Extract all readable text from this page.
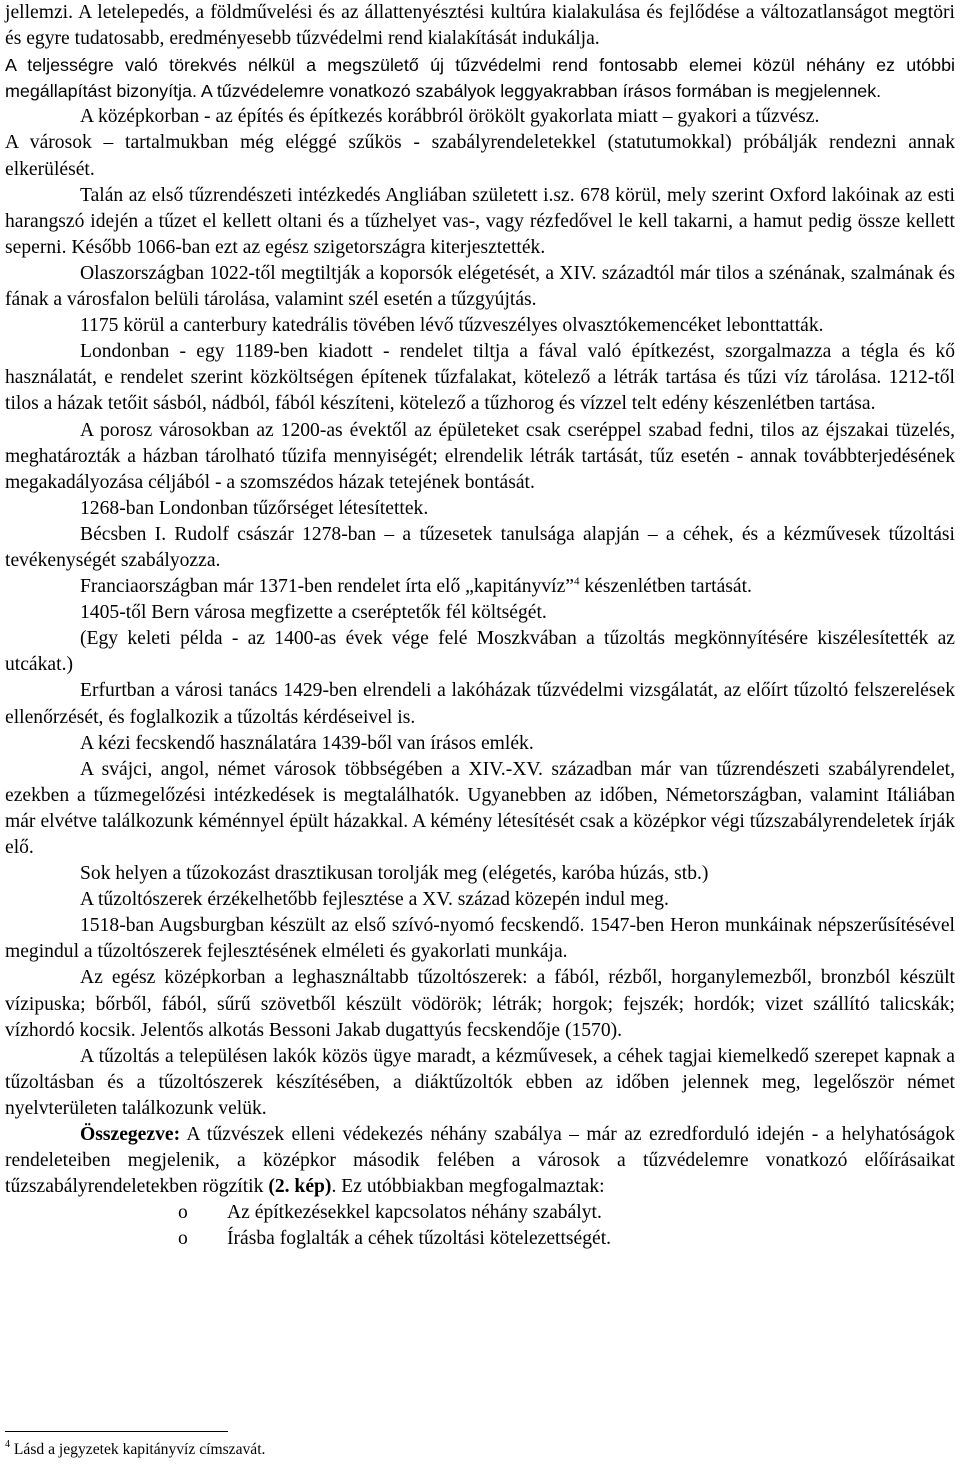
jellemzi. A letelepedés, a földművelési és az állattenyésztési kultúra kialakulása és fejlődése a változatlanságot megtöri és egyre tudatosabb, eredményesebb tűzvédelmi rend kialakítását indukálja.

A teljességre való törekvés nélkül a megszülető új tűzvédelmi rend fontosabb elemei közül néhány ez utóbbi megállapítást bizonyítja. A tűzvédelemre vonatkozó szabályok leggyakrabban írásos formában is megjelennek.

A középkorban - az építés és építkezés korábbról örökölt gyakorlata miatt – gyakori a tűzvész.

A városok – tartalmukban még eléggé szűkös - szabályrendeletekkel (statutumokkal) próbálják rendezni annak elkerülését.

Talán az első tűzrendészeti intézkedés Angliában született i.sz. 678 körül, mely szerint Oxford lakóinak az esti harangszó idején a tűzet el kellett oltani és a tűzhelyet vas-, vagy rézfedővel le kell takarni, a hamut pedig össze kellett seperni. Később 1066-ban ezt az egész szigetországra kiterjesztették.

Olaszországban 1022-től megtiltják a koporsók elégetését, a XIV. századtól már tilos a szénának, szalmának és fának a városfalon belüli tárolása, valamint szél esetén a tűzgyújtás.

1175 körül a canterbury katedrális tövében lévő tűzveszélyes olvasztókemencéket lebonttatták.

Londonban - egy 1189-ben kiadott - rendelet tiltja a fával való építkezést, szorgalmazza a tégla és kő használatát, e rendelet szerint közköltségen építenek tűzfalakat, kötelező a létrák tartása és tűzi víz tárolása. 1212-től tilos a házak tetőit sásból, nádból, fából készíteni, kötelező a tűzhorog és vízzel telt edény készenlétben tartása.

A porosz városokban az 1200-as évektől az épületeket csak cseréppel szabad fedni, tilos az éjszakai tüzelés, meghatározták a házban tárolható tűzifa mennyiségét; elrendelik létrák tartását, tűz esetén - annak továbbterjedésének megakadályozása céljából - a szomszédos házak tetejének bontását.

1268-ban Londonban tűzőrséget létesítettek.

Bécsben I. Rudolf császár 1278-ban – a tűzesetek tanulsága alapján – a céhek, és a kézművesek tűzoltási tevékenységét szabályozza.

Franciaországban már 1371-ben rendelet írta elő „kapitányvíz”$^4$ készenlétben tartását.

1405-től Bern városa megfizette a cseréptetők fél költségét.

(Egy keleti példa - az 1400-as évek vége felé Moszkvában a tűzoltás megkönnyítésére kiszélesítették az utcákat.)

Erfurtban a városi tanács 1429-ben elrendeli a lakóházak tűzvédelmi vizsgálatát, az előírt tűzoltó felszerelések ellenőrzését, és foglalkozik a tűzoltás kérdéseivel is.

A kézi fecskendő használatára 1439-ből van írásos emlék.

A svájci, angol, német városok többségében a XIV.-XV. században már van tűzrendészeti szabályrendelet, ezekben a tűzmegelőzési intézkedések is megtalálhatók. Ugyanebben az időben, Németországban, valamint Itáliában már elvétve találkozunk kéménnyel épült házakkal. A kémény létesítését csak a középkor végi tűzszabályrendeletek írják elő.

Sok helyen a tűzokozást drasztikusan torolják meg (elégetés, karóba húzás, stb.)

A tűzoltószerek érzékelhetőbb fejlesztése a XV. század közepén indul meg.

1518-ban Augsburgban készült az első szívó-nyomó fecskendő. 1547-ben Heron munkáinak népszerűsítésével megindul a tűzoltószerek fejlesztésének elméleti és gyakorlati munkája.

Az egész középkorban a leghasználtabb tűzoltószerek: a fából, rézből, horganylemezből, bronzból készült vízipuska; bőrből, fából, sűrű szövetből készült vödörök; létrák; horgok; fejszék; hordók; vizet szállító talicskák; vízhordó kocsik. Jelentős alkotás Bessoni Jakab dugattyús fecskendője (1570).

A tűzoltás a településen lakók közös ügye maradt, a kézművesek, a céhek tagjai kiemelkedő szerepet kapnak a tűzoltásban és a tűzoltószerek készítésében, a diáktűzoltók ebben az időben jelennek meg, legelőször német nyelvterületen találkozunk velük.

Összegezve: A tűzvészek elleni védekezés néhány szabálya – már az ezredforduló idején - a helyhatóságok rendeleteiben megjelenik, a középkor második felében a városok a tűzvédelemre vonatkozó előírásaikat tűzszabályrendeletekben rögzítik (2. kép). Ez utóbbiakban megfogalmaztak:

o Az építkezésekkel kapcsolatos néhány szabályt.
o Írásba foglalták a céhek tűzoltási kötelezettségét.
$^4$ Lásd a jegyzetek kapitányvíz címszavát.
